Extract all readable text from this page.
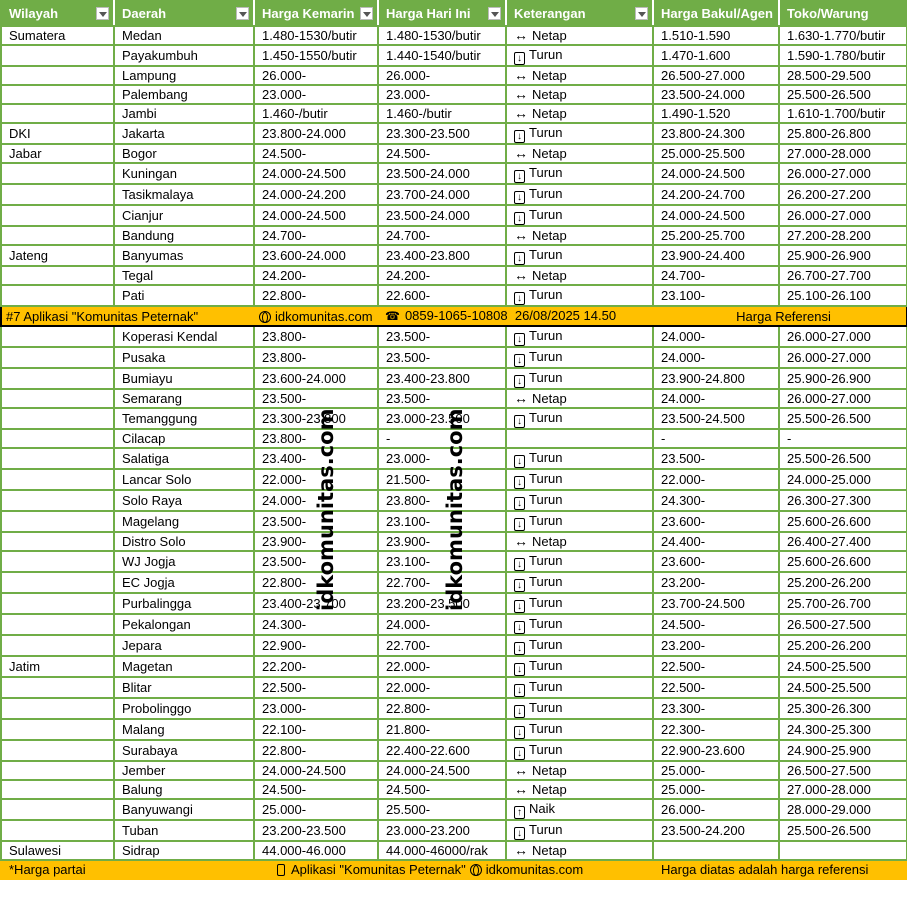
Wilayah	Daerah	Harga Kemarin	Harga Hari Ini	Keterangan	Harga Bakul/Agen	Toko/Warung
Sumatera	Medan	1.480-1530/butir	1.480-1530/butir	↔ Netap	1.510-1.590	1.630-1.770/butir
	Payakumbuh	1.450-1550/butir	1.440-1540/butir	↓ Turun	1.470-1.600	1.590-1.780/butir
	Lampung	26.000-	26.000-	↔ Netap	26.500-27.000	28.500-29.500
	Palembang	23.000-	23.000-	↔ Netap	23.500-24.000	25.500-26.500
	Jambi	1.460-/butir	1.460-/butir	↔ Netap	1.490-1.520	1.610-1.700/butir
DKI	Jakarta	23.800-24.000	23.300-23.500	↓ Turun	23.800-24.300	25.800-26.800
Jabar	Bogor	24.500-	24.500-	↔ Netap	25.000-25.500	27.000-28.000
	Kuningan	24.000-24.500	23.500-24.000	↓ Turun	24.000-24.500	26.000-27.000
	Tasikmalaya	24.000-24.200	23.700-24.000	↓ Turun	24.200-24.700	26.200-27.200
	Cianjur	24.000-24.500	23.500-24.000	↓ Turun	24.000-24.500	26.000-27.000
	Bandung	24.700-	24.700-	↔ Netap	25.200-25.700	27.200-28.200
Jateng	Banyumas	23.600-24.000	23.400-23.800	↓ Turun	23.900-24.400	25.900-26.900
	Tegal	24.200-	24.200-	↔ Netap	24.700-	26.700-27.700
	Pati	22.800-	22.600-	↓ Turun	23.100-	25.100-26.100
#7 Aplikasi "Komunitas Peternak"		idkomunitas.com	☎ 0859-1065-10808 26/08/2025 14.50		Harga Referensi	
	Koperasi Kendal	23.800-	23.500-	↓ Turun	24.000-	26.000-27.000
	Pusaka	23.800-	23.500-	↓ Turun	24.000-	26.000-27.000
	Bumiayu	23.600-24.000	23.400-23.800	↓ Turun	23.900-24.800	25.900-26.900
	Semarang	23.500-	23.500-	↔ Netap	24.000-	26.000-27.000
	Temanggung	23.300-23.800	23.000-23.500	↓ Turun	23.500-24.500	25.500-26.500
	Cilacap	23.800-	-		-	-
	Salatiga	23.400-	23.000-	↓ Turun	23.500-	25.500-26.500
	Lancar Solo	22.000-	21.500-	↓ Turun	22.000-	24.000-25.000
	Solo Raya	24.000-	23.800-	↓ Turun	24.300-	26.300-27.300
	Magelang	23.500-	23.100-	↓ Turun	23.600-	25.600-26.600
	Distro Solo	23.900-	23.900-	↔ Netap	24.400-	26.400-27.400
	WJ Jogja	23.500-	23.100-	↓ Turun	23.600-	25.600-26.600
	EC Jogja	22.800-	22.700-	↓ Turun	23.200-	25.200-26.200
	Purbalingga	23.400-23.700	23.200-23.500	↓ Turun	23.700-24.500	25.700-26.700
	Pekalongan	24.300-	24.000-	↓ Turun	24.500-	26.500-27.500
	Jepara	22.900-	22.700-	↓ Turun	23.200-	25.200-26.200
Jatim	Magetan	22.200-	22.000-	↓ Turun	22.500-	24.500-25.500
	Blitar	22.500-	22.000-	↓ Turun	22.500-	24.500-25.500
	Probolinggo	23.000-	22.800-	↓ Turun	23.300-	25.300-26.300
	Malang	22.100-	21.800-	↓ Turun	22.300-	24.300-25.300
	Surabaya	22.800-	22.400-22.600	↓ Turun	22.900-23.600	24.900-25.900
	Jember	24.000-24.500	24.000-24.500	↔ Netap	25.000-	26.500-27.500
	Balung	24.500-	24.500-	↔ Netap	25.000-	27.000-28.000
	Banyuwangi	25.000-	25.500-	↑ Naik	26.000-	28.000-29.000
	Tuban	23.200-23.500	23.000-23.200	↓ Turun	23.500-24.200	25.500-26.500
Sulawesi	Sidrap	44.000-46.000	44.000-46000/rak	↔ Netap		
*Harga partai		Aplikasi "Komunitas Peternak" idkomunitas.com			Harga diatas adalah harga referensi	
idkomunitas.com	idkomunitas.com
